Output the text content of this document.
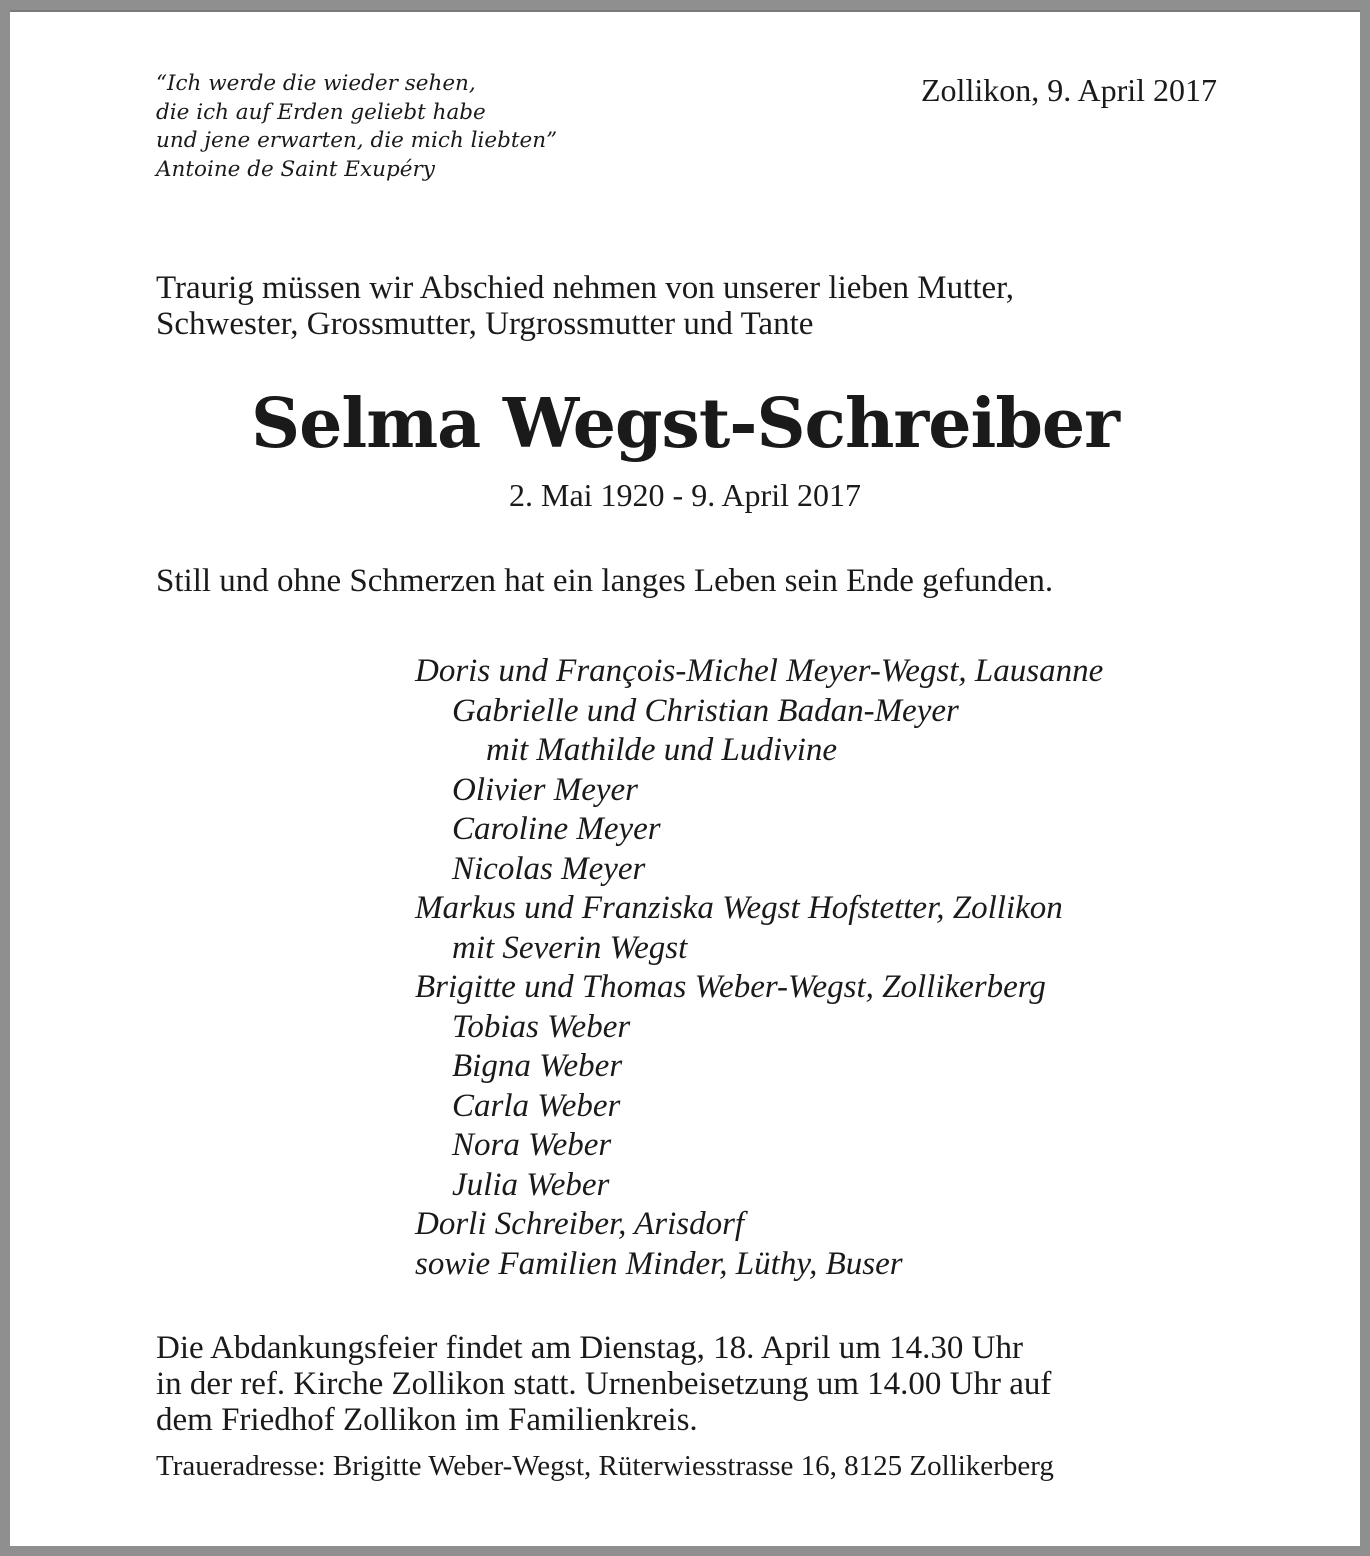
“Ich werde die wieder sehen,
die ich auf Erden geliebt habe
und jene erwarten, die mich liebten”
Antoine de Saint Exupéry
Zollikon, 9. April 2017
Traurig müssen wir Abschied nehmen von unserer lieben Mutter,
Schwester, Grossmutter, Urgrossmutter und Tante
Selma Wegst-Schreiber
2. Mai 1920 - 9. April 2017
Still und ohne Schmerzen hat ein langes Leben sein Ende gefunden.
Doris und François-Michel Meyer-Wegst, Lausanne
Gabrielle und Christian Badan-Meyer
mit Mathilde und Ludivine
Olivier Meyer
Caroline Meyer
Nicolas Meyer
Markus und Franziska Wegst Hofstetter, Zollikon
mit Severin Wegst
Brigitte und Thomas Weber-Wegst, Zollikerberg
Tobias Weber
Bigna Weber
Carla Weber
Nora Weber
Julia Weber
Dorli Schreiber, Arisdorf
sowie Familien Minder, Lüthy, Buser
Die Abdankungsfeier findet am Dienstag, 18. April um 14.30 Uhr
in der ref. Kirche Zollikon statt. Urnenbeisetzung um 14.00 Uhr auf
dem Friedhof Zollikon im Familienkreis.
Traueradresse: Brigitte Weber-Wegst, Rüterwiesstrasse 16, 8125 Zollikerberg
